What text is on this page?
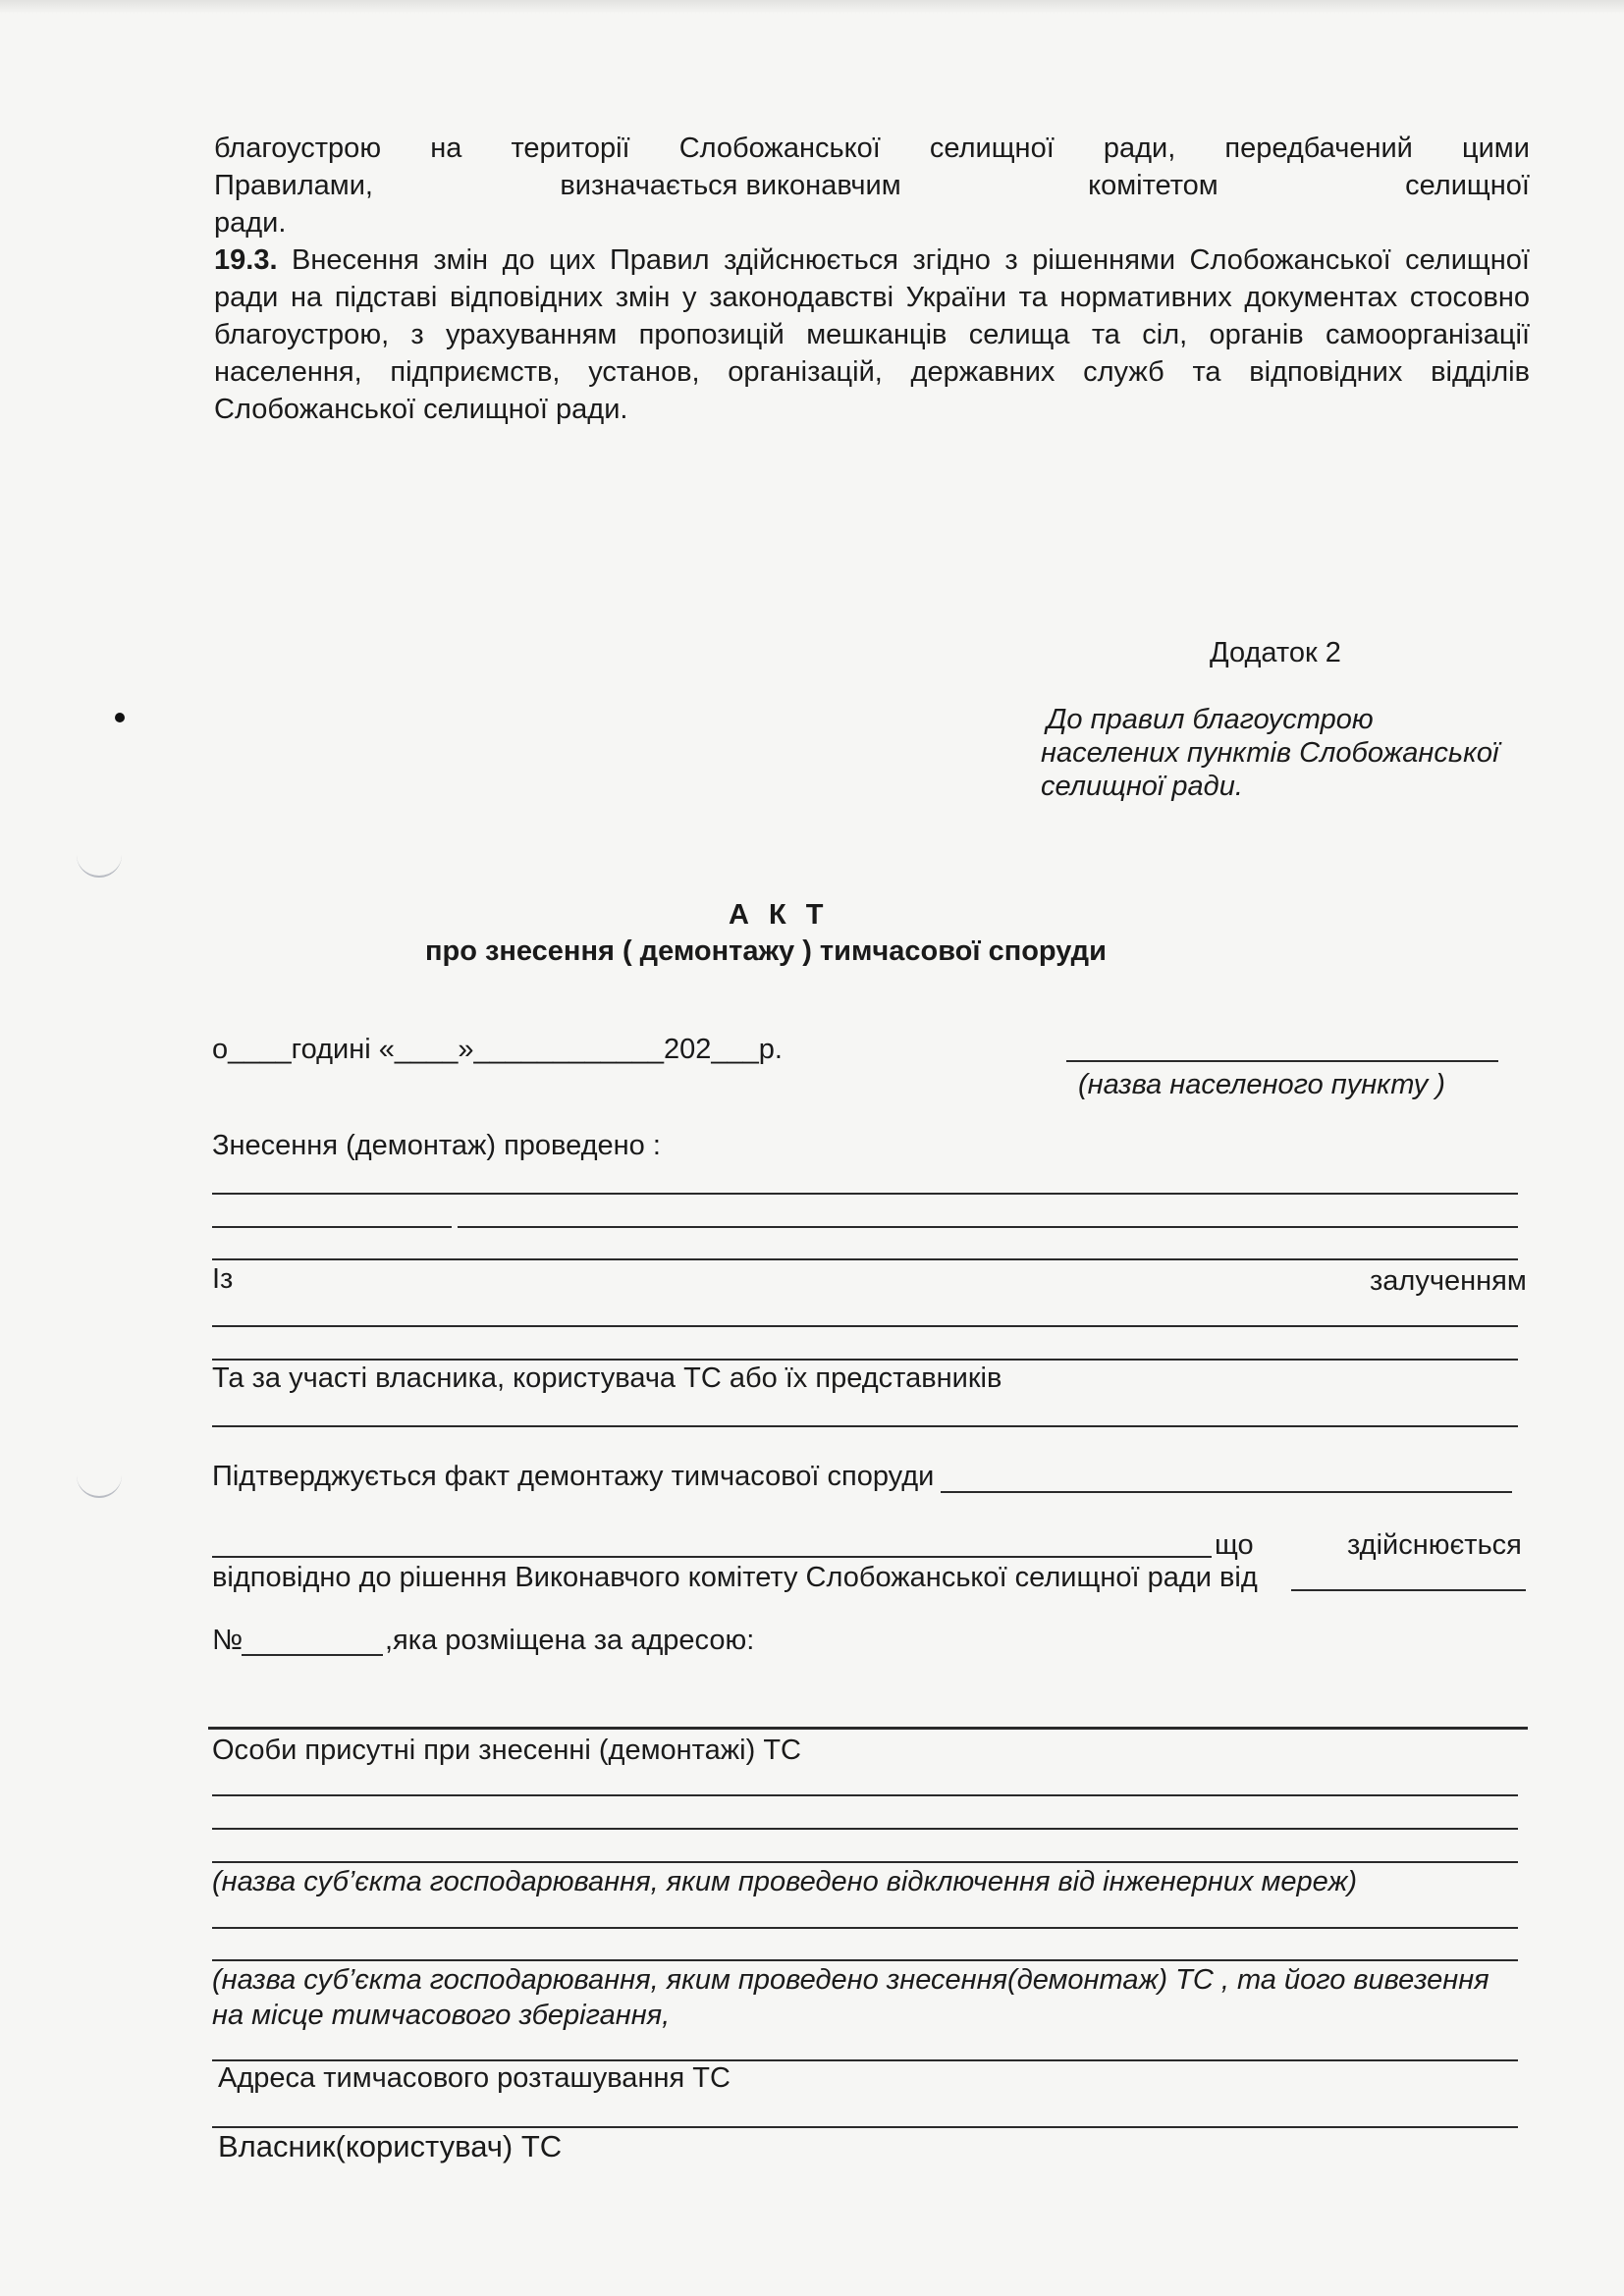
благоустрою на території Слобожанської селищної ради, передбачений цими
Правилами,	визначається виконавчим	комітетом	селищної
ради.
19.3. Внесення змін до цих Правил здійснюється згідно з рішеннями Слобожанської селищної ради на підставі відповідних змін у законодавстві України та нормативних документах стосовно благоустрою, з урахуванням пропозицій мешканців селища та сіл, органів самоорганізації населення, підприємств, установ, організацій, державних служб та відповідних відділів Слобожанської селищної ради.
Додаток 2
До правил благоустрою
населених пунктів Слобожанської
селищної ради.
А К Т
про знесення ( демонтажу ) тимчасової споруди
о____годині «____»____________202___р.
(назва населеного пункту )
Знесення (демонтаж) проведено :
Із	залученням
Та за участі власника, користувача ТС або їх представників
Підтверджується факт демонтажу тимчасової споруди
що	здійснюється
відповідно до рішення Виконавчого комітету Слобожанської селищної ради від
№	,яка розміщена за адресою:
Особи присутні при знесенні (демонтажі) ТС
(назва суб’єкта господарювання, яким проведено відключення від інженерних мереж)
(назва суб’єкта господарювання, яким проведено знесення(демонтаж) ТС , та його вивезення
на місце тимчасового зберігання,
Адреса тимчасового розташування ТС
Власник(користувач) ТС
